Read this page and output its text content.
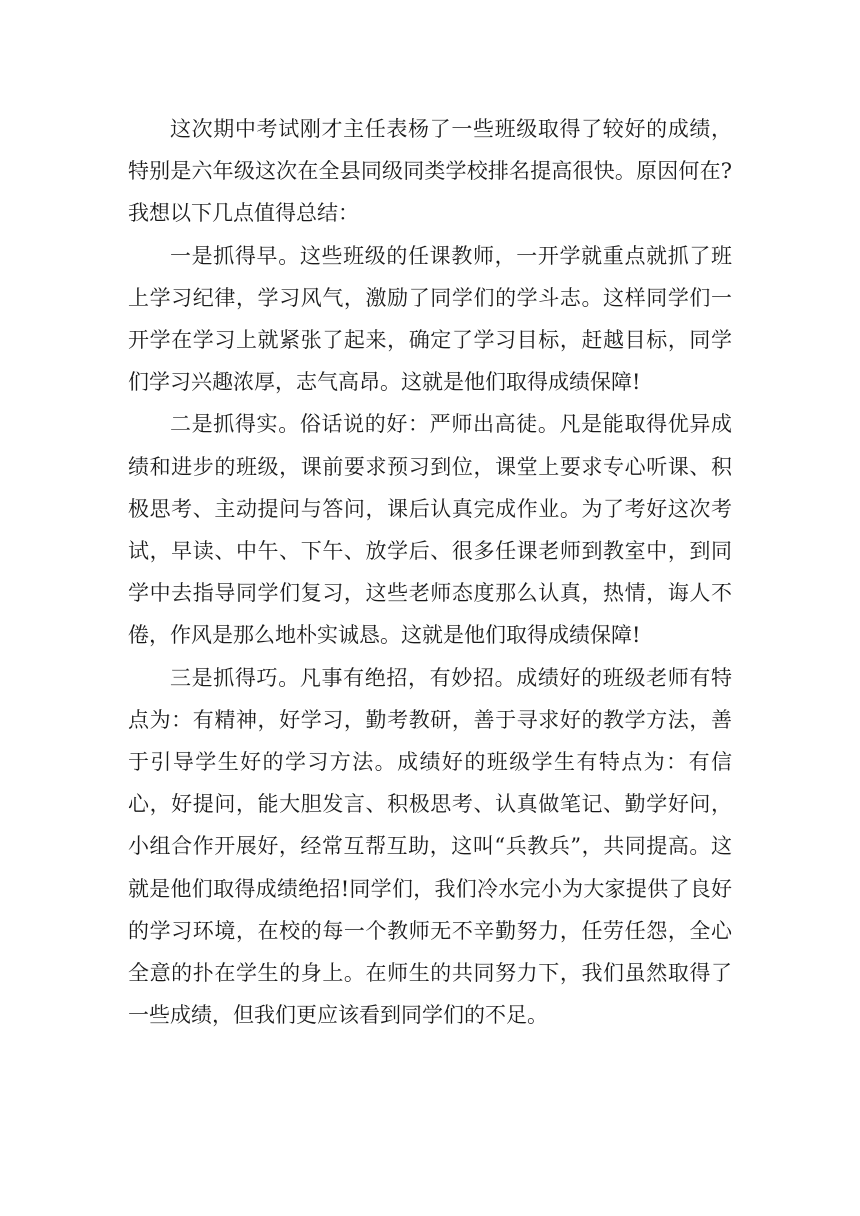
这次期中考试刚才主任表杨了一些班级取得了较好的成绩，特别是六年级这次在全县同级同类学校排名提高很快。原因何在?我想以下几点值得总结：

一是抓得早。这些班级的任课教师，一开学就重点就抓了班上学习纪律，学习风气，激励了同学们的学斗志。这样同学们一开学在学习上就紧张了起来，确定了学习目标，赶越目标，同学们学习兴趣浓厚，志气高昂。这就是他们取得成绩保障!

二是抓得实。俗话说的好：严师出高徒。凡是能取得优异成绩和进步的班级，课前要求预习到位，课堂上要求专心听课、积极思考、主动提问与答问，课后认真完成作业。为了考好这次考试，早读、中午、下午、放学后、很多任课老师到教室中，到同学中去指导同学们复习，这些老师态度那么认真，热情，诲人不倦，作风是那么地朴实诚恳。这就是他们取得成绩保障!

三是抓得巧。凡事有绝招，有妙招。成绩好的班级老师有特点为：有精神，好学习，勤考教研，善于寻求好的教学方法，善于引导学生好的学习方法。成绩好的班级学生有特点为：有信心，好提问，能大胆发言、积极思考、认真做笔记、勤学好问，小组合作开展好，经常互帮互助，这叫“兵教兵”，共同提高。这就是他们取得成绩绝招!同学们，我们冷水完小为大家提供了良好的学习环境，在校的每一个教师无不辛勤努力，任劳任怨，全心全意的扑在学生的身上。在师生的共同努力下，我们虽然取得了一些成绩，但我们更应该看到同学们的不足。
